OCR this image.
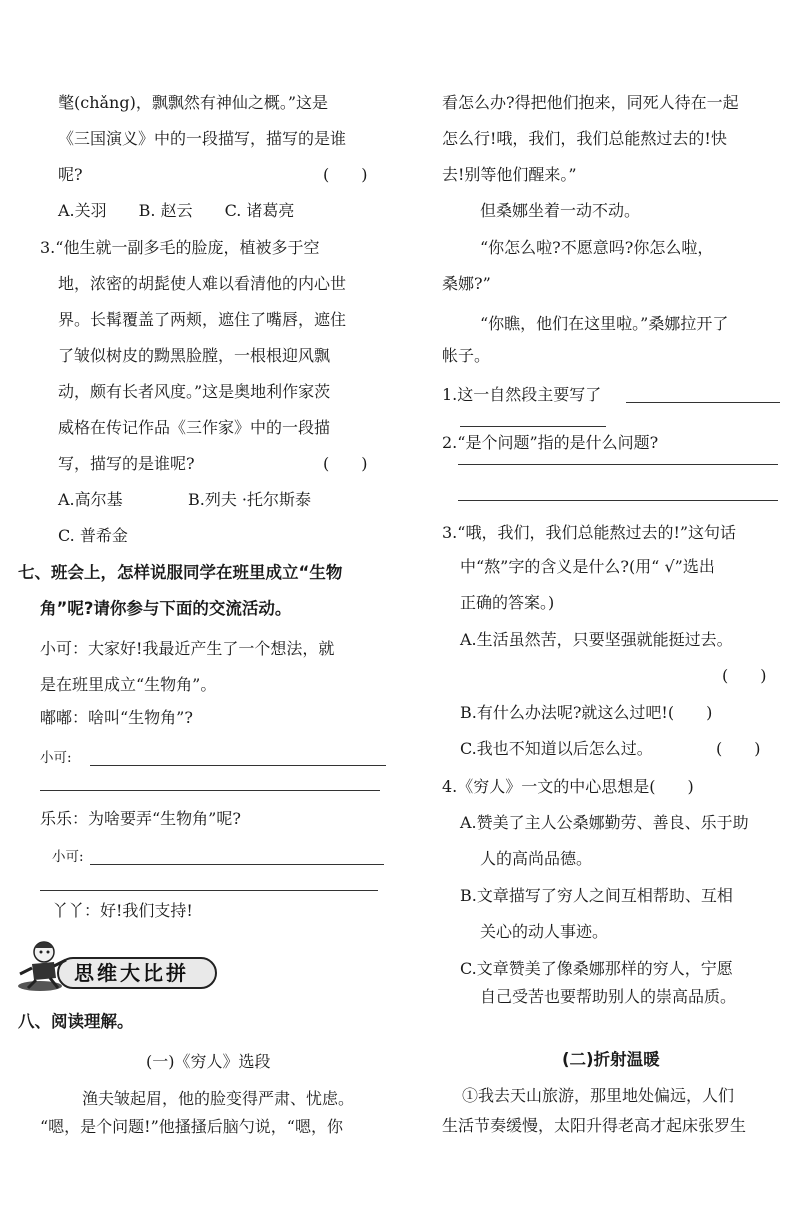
氅(chǎng)，飘飘然有神仙之概。”这是
《三国演义》中的一段描写，描写的是谁
呢?	(　　)
A.关羽　　B. 赵云　　C. 诸葛亮
3.“他生就一副多毛的脸庞，植被多于空
地，浓密的胡髭使人难以看清他的内心世
界。长髯覆盖了两颊，遮住了嘴唇，遮住
了皱似树皮的黝黑脸膛，一根根迎风飘
动，颇有长者风度。”这是奥地利作家茨
威格在传记作品《三作家》中的一段描
写，描写的是谁呢?	(　　)
A.高尔基	B.列夫 ·托尔斯泰
C. 普希金
七、班会上，怎样说服同学在班里成立“生物
角”呢?请你参与下面的交流活动。
小可：大家好!我最近产生了一个想法，就
是在班里成立“生物角”。
嘟嘟：啥叫“生物角”?
小可:
乐乐：为啥要弄“生物角”呢?
小可:
丫丫：好!我们支持!
思维大比拼
八、阅读理解。
(一)《穷人》选段
渔夫皱起眉，他的脸变得严肃、忧虑。
“嗯，是个问题!”他搔搔后脑勺说，“嗯，你
看怎么办?得把他们抱来，同死人待在一起
怎么行!哦，我们，我们总能熬过去的!快
去!别等他们醒来。”
但桑娜坐着一动不动。
“你怎么啦?不愿意吗?你怎么啦，
桑娜?”
“你瞧，他们在这里啦。”桑娜拉开了
帐子。
1.这一自然段主要写了
2.“是个问题”指的是什么问题?
3.“哦，我们，我们总能熬过去的!”这句话
中“熬”字的含义是什么?(用“ √”选出
正确的答案。)
A.生活虽然苦，只要坚强就能挺过去。
(　　)
B.有什么办法呢?就这么过吧!(　　)
C.我也不知道以后怎么过。	(　　)
4.《穷人》一文的中心思想是(　　)
A.赞美了主人公桑娜勤劳、善良、乐于助
人的高尚品德。
B.文章描写了穷人之间互相帮助、互相
关心的动人事迹。
C.文章赞美了像桑娜那样的穷人，宁愿
自己受苦也要帮助别人的崇高品质。
(二)折射温暖
①我去天山旅游，那里地处偏远，人们
生活节奏缓慢，太阳升得老高才起床张罗生
